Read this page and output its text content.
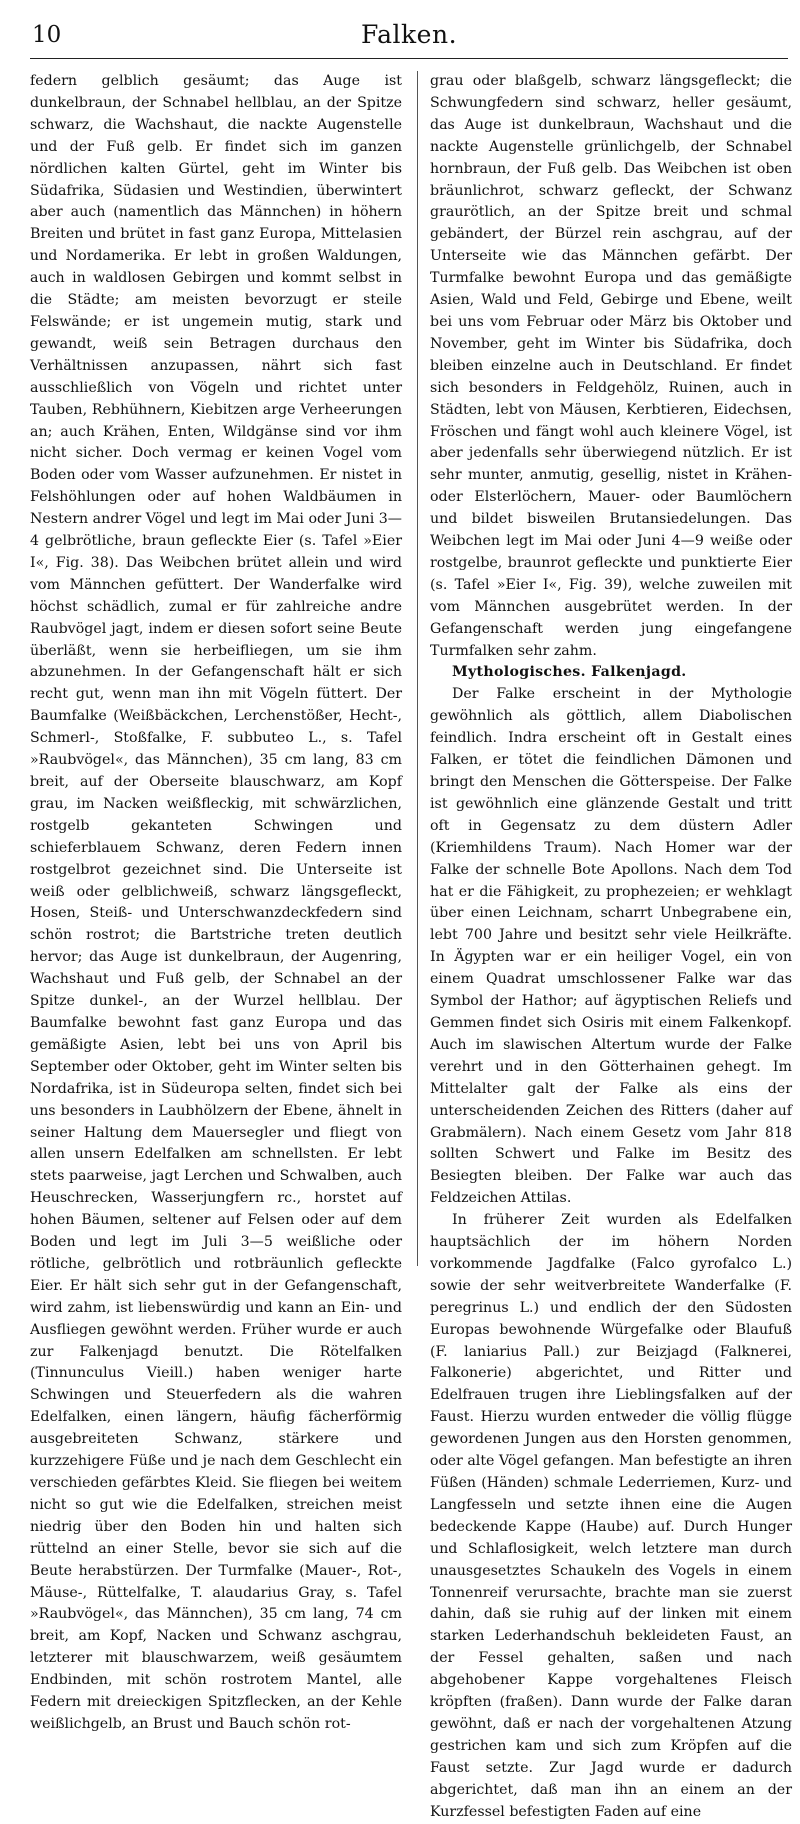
10	Falken.

federn gelblich gesäumt; das Auge ist dunkelbraun, der Schnabel hellblau, an der Spitze schwarz, die Wachshaut, die nackte Augenstelle und der Fuß gelb. Er findet sich im ganzen nördlichen kalten Gürtel, geht im Winter bis Südafrika, Südasien und Westindien, überwintert aber auch (namentlich das Männchen) in höhern Breiten und brütet in fast ganz Europa, Mittelasien und Nordamerika. Er lebt in großen Waldungen, auch in waldlosen Gebirgen und kommt selbst in die Städte; am meisten bevorzugt er steile Felswände; er ist ungemein mutig, stark und gewandt, weiß sein Betragen durchaus den Verhältnissen anzupassen, nährt sich fast ausschließlich von Vögeln und richtet unter Tauben, Rebhühnern, Kiebitzen arge Verheerungen an; auch Krähen, Enten, Wildgänse sind vor ihm nicht sicher. Doch vermag er keinen Vogel vom Boden oder vom Wasser aufzunehmen. Er nistet in Felshöhlungen oder auf hohen Waldbäumen in Nestern andrer Vögel und legt im Mai oder Juni 3—4 gelbrötliche, braun gefleckte Eier (s. Tafel »Eier I«, Fig. 38). Das Weibchen brütet allein und wird vom Männchen gefüttert. Der Wanderfalke wird höchst schädlich, zumal er für zahlreiche andre Raubvögel jagt, indem er diesen sofort seine Beute überläßt, wenn sie herbeifliegen, um sie ihm abzunehmen. In der Gefangenschaft hält er sich recht gut, wenn man ihn mit Vögeln füttert. Der Baumfalke (Weißbäckchen, Lerchenstößer, Hecht-, Schmerl-, Stoßfalke, F. subbuteo L., s. Tafel »Raubvögel«, das Männchen), 35 cm lang, 83 cm breit, auf der Oberseite blauschwarz, am Kopf grau, im Nacken weißfleckig, mit schwärzlichen, rostgelb gekanteten Schwingen und schieferblauem Schwanz, deren Federn innen rostgelbrot gezeichnet sind. Die Unterseite ist weiß oder gelblichweiß, schwarz längsgefleckt, Hosen, Steiß- und Unterschwanzdeckfedern sind schön rostrot; die Bartstriche treten deutlich hervor; das Auge ist dunkelbraun, der Augenring, Wachshaut und Fuß gelb, der Schnabel an der Spitze dunkel-, an der Wurzel hellblau. Der Baumfalke bewohnt fast ganz Europa und das gemäßigte Asien, lebt bei uns von April bis September oder Oktober, geht im Winter selten bis Nordafrika, ist in Südeuropa selten, findet sich bei uns besonders in Laubhölzern der Ebene, ähnelt in seiner Haltung dem Mauersegler und fliegt von allen unsern Edelfalken am schnellsten. Er lebt stets paarweise, jagt Lerchen und Schwalben, auch Heuschrecken, Wasserjungfern rc., horstet auf hohen Bäumen, seltener auf Felsen oder auf dem Boden und legt im Juli 3—5 weißliche oder rötliche, gelbrötlich und rotbräunlich gefleckte Eier. Er hält sich sehr gut in der Gefangenschaft, wird zahm, ist liebenswürdig und kann an Ein- und Ausfliegen gewöhnt werden. Früher wurde er auch zur Falkenjagd benutzt. Die Rötelfalken (Tinnunculus Vieill.) haben weniger harte Schwingen und Steuerfedern als die wahren Edelfalken, einen längern, häufig fächerförmig ausgebreiteten Schwanz, stärkere und kurzzehigere Füße und je nach dem Geschlecht ein verschieden gefärbtes Kleid. Sie fliegen bei weitem nicht so gut wie die Edelfalken, streichen meist niedrig über den Boden hin und halten sich rüttelnd an einer Stelle, bevor sie sich auf die Beute herabstürzen. Der Turmfalke (Mauer-, Rot-, Mäuse-, Rüttelfalke, T. alaudarius Gray, s. Tafel »Raubvögel«, das Männchen), 35 cm lang, 74 cm breit, am Kopf, Nacken und Schwanz aschgrau, letzterer mit blauschwarzem, weiß gesäumtem Endbinden, mit schön rostrotem Mantel, alle Federn mit dreieckigen Spitzflecken, an der Kehle weißlichgelb, an Brust und Bauch schön rot-

grau oder blaßgelb, schwarz längsgefleckt; die Schwungfedern sind schwarz, heller gesäumt, das Auge ist dunkelbraun, Wachshaut und die nackte Augenstelle grünlichgelb, der Schnabel hornbraun, der Fuß gelb. Das Weibchen ist oben bräunlichrot, schwarz gefleckt, der Schwanz graurötlich, an der Spitze breit und schmal gebändert, der Bürzel rein aschgrau, auf der Unterseite wie das Männchen gefärbt. Der Turmfalke bewohnt Europa und das gemäßigte Asien, Wald und Feld, Gebirge und Ebene, weilt bei uns vom Februar oder März bis Oktober und November, geht im Winter bis Südafrika, doch bleiben einzelne auch in Deutschland. Er findet sich besonders in Feldgehölz, Ruinen, auch in Städten, lebt von Mäusen, Kerbtieren, Eidechsen, Fröschen und fängt wohl auch kleinere Vögel, ist aber jedenfalls sehr überwiegend nützlich. Er ist sehr munter, anmutig, gesellig, nistet in Krähen- oder Elsterlöchern, Mauer- oder Baumlöchern und bildet bisweilen Brutansiedelungen. Das Weibchen legt im Mai oder Juni 4—9 weiße oder rostgelbe, braunrot gefleckte und punktierte Eier (s. Tafel »Eier I«, Fig. 39), welche zuweilen mit vom Männchen ausgebrütet werden. In der Gefangenschaft werden jung eingefangene Turmfalken sehr zahm.

Mythologisches. Falkenjagd.

Der Falke erscheint in der Mythologie gewöhnlich als göttlich, allem Diabolischen feindlich. Indra erscheint oft in Gestalt eines Falken, er tötet die feindlichen Dämonen und bringt den Menschen die Götterspeise. Der Falke ist gewöhnlich eine glänzende Gestalt und tritt oft in Gegensatz zu dem düstern Adler (Kriemhildens Traum). Nach Homer war der Falke der schnelle Bote Apollons. Nach dem Tod hat er die Fähigkeit, zu prophezeien; er wehklagt über einen Leichnam, scharrt Unbegrabene ein, lebt 700 Jahre und besitzt sehr viele Heilkräfte. In Ägypten war er ein heiliger Vogel, ein von einem Quadrat umschlossener Falke war das Symbol der Hathor; auf ägyptischen Reliefs und Gemmen findet sich Osiris mit einem Falkenkopf. Auch im slawischen Altertum wurde der Falke verehrt und in den Götterhainen gehegt. Im Mittelalter galt der Falke als eins der unterscheidenden Zeichen des Ritters (daher auf Grabmälern). Nach einem Gesetz vom Jahr 818 sollten Schwert und Falke im Besitz des Besiegten bleiben. Der Falke war auch das Feldzeichen Attilas.

In früherer Zeit wurden als Edelfalken hauptsächlich der im höhern Norden vorkommende Jagdfalke (Falco gyrofalco L.) sowie der sehr weitverbreitete Wanderfalke (F. peregrinus L.) und endlich der den Südosten Europas bewohnende Würgefalke oder Blaufuß (F. laniarius Pall.) zur Beizjagd (Falknerei, Falkonerie) abgerichtet, und Ritter und Edelfrauen trugen ihre Lieblingsfalken auf der Faust. Hierzu wurden entweder die völlig flügge gewordenen Jungen aus den Horsten genommen, oder alte Vögel gefangen. Man befestigte an ihren Füßen (Händen) schmale Lederriemen, Kurz- und Langfesseln und setzte ihnen eine die Augen bedeckende Kappe (Haube) auf. Durch Hunger und Schlaflosigkeit, welch letztere man durch unausgesetztes Schaukeln des Vogels in einem Tonnenreif verursachte, brachte man sie zuerst dahin, daß sie ruhig auf der linken mit einem starken Lederhandschuh bekleideten Faust, an der Fessel gehalten, saßen und nach abgehobener Kappe vorgehaltenes Fleisch kröpften (fraßen). Dann wurde der Falke daran gewöhnt, daß er nach der vorgehaltenen Atzung gestrichen kam und sich zum Kröpfen auf die Faust setzte. Zur Jagd wurde er dadurch abgerichtet, daß man ihn an einem an der Kurzfessel befestigten Faden auf eine
